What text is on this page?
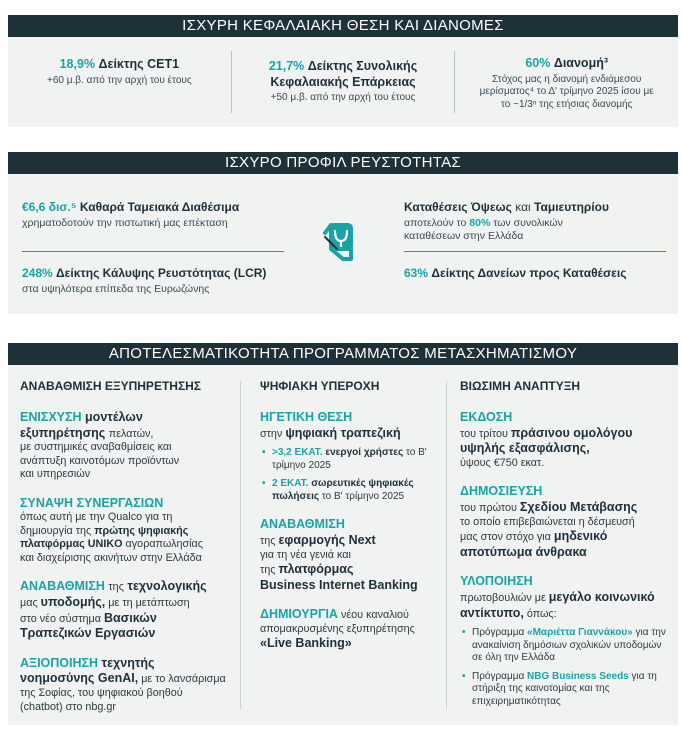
ΙΣΧΥΡΗ ΚΕΦΑΛΑΙΑΚΗ ΘΕΣΗ ΚΑΙ ΔΙΑΝΟΜΕΣ
18,9% Δείκτης CET1
+60 μ.β. από την αρχή του έτους
21,7% Δείκτης Συνολικής
Κεφαλαιακής Επάρκειας
+50 μ.β. από την αρχή του έτους
60% Διανομή³
Στόχος μας η διανομή ενδιάμεσου
μερίσματος⁴ το Δ' τρίμηνο 2025 ίσου με
το ~1/3ⁿ της ετήσιας διανομής
ΙΣΧΥΡΟ ΠΡΟΦΙΛ ΡΕΥΣΤΟΤΗΤΑΣ
€6,6 δισ.⁵ Καθαρά Ταμειακά Διαθέσιμα
χρηματοδοτούν την πιστωτική μας επέκταση
248% Δείκτης Κάλυψης Ρευστότητας (LCR)
στα υψηλότερα επίπεδα της Ευρωζώνης
Καταθέσεις Όψεως και Ταμιευτηρίου
αποτελούν το 80% των συνολικών
καταθέσεων στην Ελλάδα
63% Δείκτης Δανείων προς Καταθέσεις
ΑΠΟΤΕΛΕΣΜΑΤΙΚΟΤΗΤΑ ΠΡΟΓΡΑΜΜΑΤΟΣ ΜΕΤΑΣΧΗΜΑΤΙΣΜΟΥ
ΑΝΑΒΑΘΜΙΣΗ ΕΞΥΠΗΡΕΤΗΣΗΣ
ΕΝΙΣΧΥΣΗ μοντέλων
εξυπηρέτησης πελατών,
με συστημικές αναβαθμίσεις και
ανάπτυξη καινοτόμων προϊόντων
και υπηρεσιών
ΣΥΝΑΨΗ ΣΥΝΕΡΓΑΣΙΩΝ
όπως αυτή με την Qualco για τη
δημιουργία της πρώτης ψηφιακής
πλατφόρμας UNIKO αγοραπωλησίας
και διαχείρισης ακινήτων στην Ελλάδα
ΑΝΑΒΑΘΜΙΣΗ της τεχνολογικής
μας υποδομής, με τη μετάπτωση
στο νέο σύστημα Βασικών
Τραπεζικών Εργασιών
ΑΞΙΟΠΟΙΗΣΗ τεχνητής
νοημοσύνης GenAI, με το λανσάρισμα
της Σοφίας, του ψηφιακού βοηθού
(chatbot) στο nbg.gr
ΨΗΦΙΑΚΗ ΥΠΕΡΟΧΗ
ΗΓΕΤΙΚΗ ΘΕΣΗ
στην ψηφιακή τραπεζική
• >3,2 ΕΚΑΤ. ενεργοί χρήστες το Β' τρίμηνο 2025
• 2 ΕΚΑΤ. σωρευτικές ψηφιακές πωλήσεις το Β' τρίμηνο 2025
ΑΝΑΒΑΘΜΙΣΗ
της εφαρμογής Next
για τη νέα γενιά και
της πλατφόρμας
Business Internet Banking
ΔΗΜΙΟΥΡΓΙΑ νέου καναλιού
απομακρυσμένης εξυπηρέτησης
«Live Banking»
ΒΙΩΣΙΜΗ ΑΝΑΠΤΥΞΗ
ΕΚΔΟΣΗ
του τρίτου πράσινου ομολόγου
υψηλής εξασφάλισης,
ύψους €750 εκατ.
ΔΗΜΟΣΙΕΥΣΗ
του πρώτου Σχεδίου Μετάβασης
το οποίο επιβεβαιώνεται η δέσμευσή
μας στον στόχο για μηδενικό
αποτύπωμα άνθρακα
ΥΛΟΠΟΙΗΣΗ
πρωτοβουλιών με μεγάλο κοινωνικό
αντίκτυπο, όπως:
• Πρόγραμμα «Μαριέττα Γιαννάκου» για την ανακαίνιση δημόσιων σχολικών υποδομών σε όλη την Ελλάδα
• Πρόγραμμα NBG Business Seeds για τη στήριξη της καινοτομίας και της επιχειρηματικότητας
